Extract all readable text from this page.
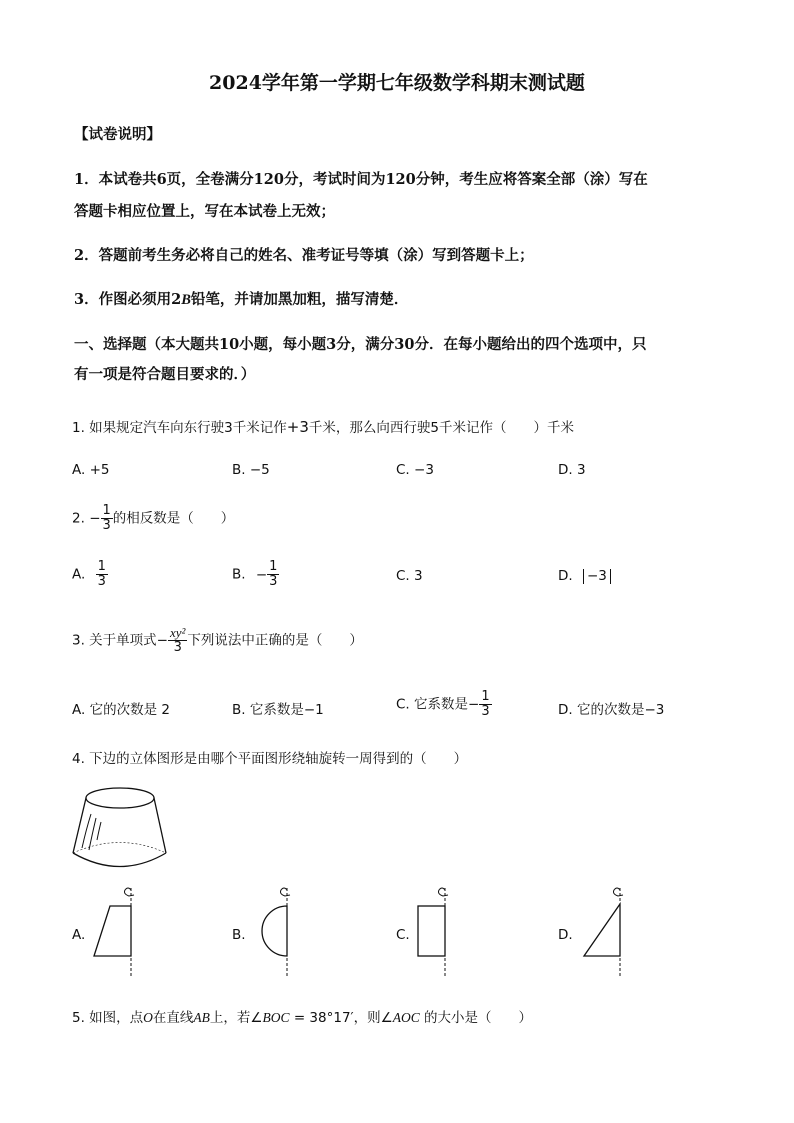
2024学年第一学期七年级数学科期末测试题
【试卷说明】
1．本试卷共6页，全卷满分120分，考试时间为120分钟，考生应将答案全部（涂）写在
答题卡相应位置上，写在本试卷上无效；
2．答题前考生务必将自己的姓名、准考证号等填（涂）写到答题卡上；
3．作图必须用2B铅笔，并请加黑加粗，描写清楚．
一、选择题（本大题共10小题，每小题3分，满分30分．在每小题给出的四个选项中，只
有一项是符合题目要求的．）
1. 如果规定汽车向东行驶3千米记作+3千米，那么向西行驶5千米记作（　　）千米
A. +5	B. −5	C. −3	D. 3
2. − $\frac{1}{3}$ 的相反数是（　　）
A. $\frac{1}{3}$	B. − $\frac{1}{3}$	C. 3	D. −3
3. 关于单项式− $\frac{\text{xy²}}{3}$ 下列说法中正确的是（　　）
A. 它的次数是 2	B. 它系数是−1	C. 它系数是− $\frac{1}{3}$	D. 它的次数是−3
4. 下边的立体图形是由哪个平面图形绕轴旋转一周得到的（　　）
A.	B.	C.	D.
5. 如图，点O在直线AB上，若∠BOC = 38°17′，则∠AOC 的大小是（　　）
